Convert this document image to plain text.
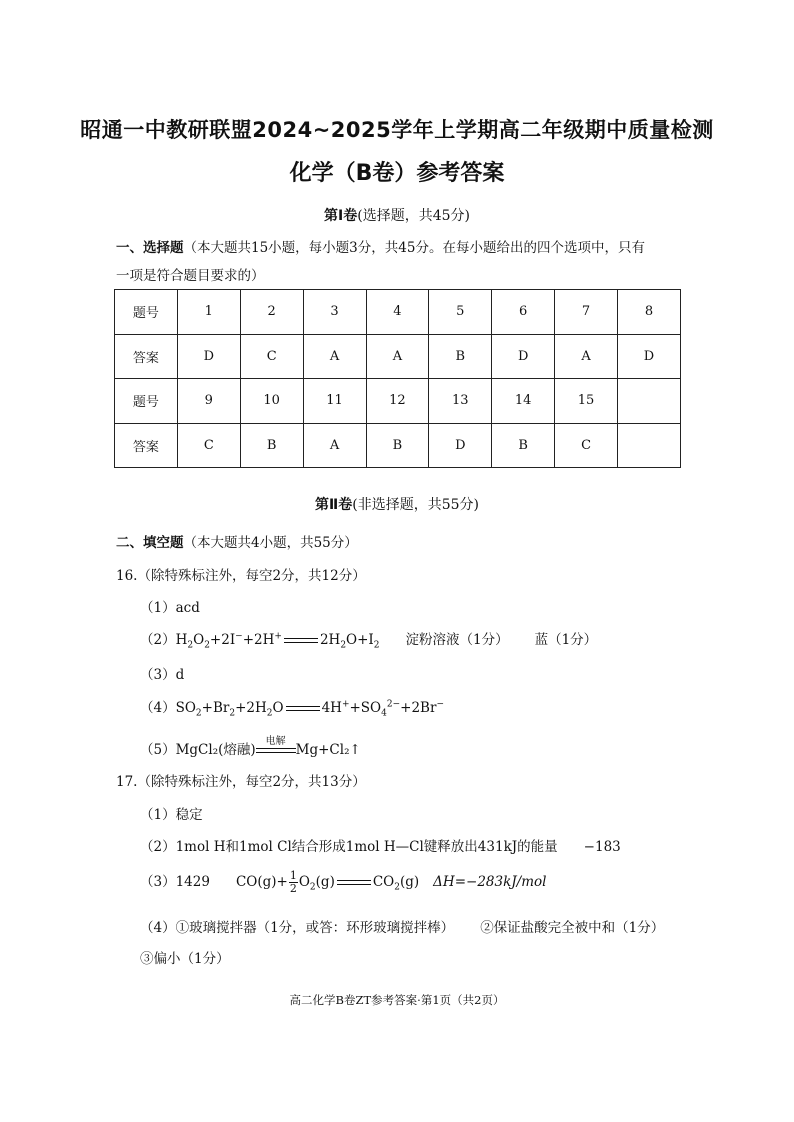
昭通一中教研联盟2024~2025学年上学期高二年级期中质量检测
化学（B卷）参考答案
第Ⅰ卷(选择题，共45分)
一、选择题（本大题共15小题，每小题3分，共45分。在每小题给出的四个选项中，只有
一项是符合题目要求的）
题号	1	2	3	4	5	6	7	8
答案	D	C	A	A	B	D	A	D
题号	9	10	11	12	13	14	15	
答案	C	B	A	B	D	B	C	
第Ⅱ卷(非选择题，共55分)
二、填空题（本大题共4小题，共55分）
16.（除特殊标注外，每空2分，共12分）
（1）acd
$(2)H_2O_2+2I^-+2H^+$	$2H_2O+I_2$ 淀粉溶液（1分） 蓝（1分）
（3）d
$(4)SO_2+Br_2+2H_2O$	$4H^++SO_4^{2-}+2Br^-$
（5）MgCl₂(熔融)
电解
Mg+Cl₂↑
17.（除特殊标注外，每空2分，共13分）
（1）稳定
（2）1mol H和1mol Cl结合形成1mol H—Cl键释放出431kJ的能量 −183
（3）1429 $CO(g)+ \frac{1}{2} O_2(g)$	$CO_2(g)$ ΔH=−283kJ/mol
（4）①玻璃搅拌器（1分，或答：环形玻璃搅拌棒） ②保证盐酸完全被中和（1分）
③偏小（1分）
高二化学B卷ZT参考答案·第1页（共2页）
